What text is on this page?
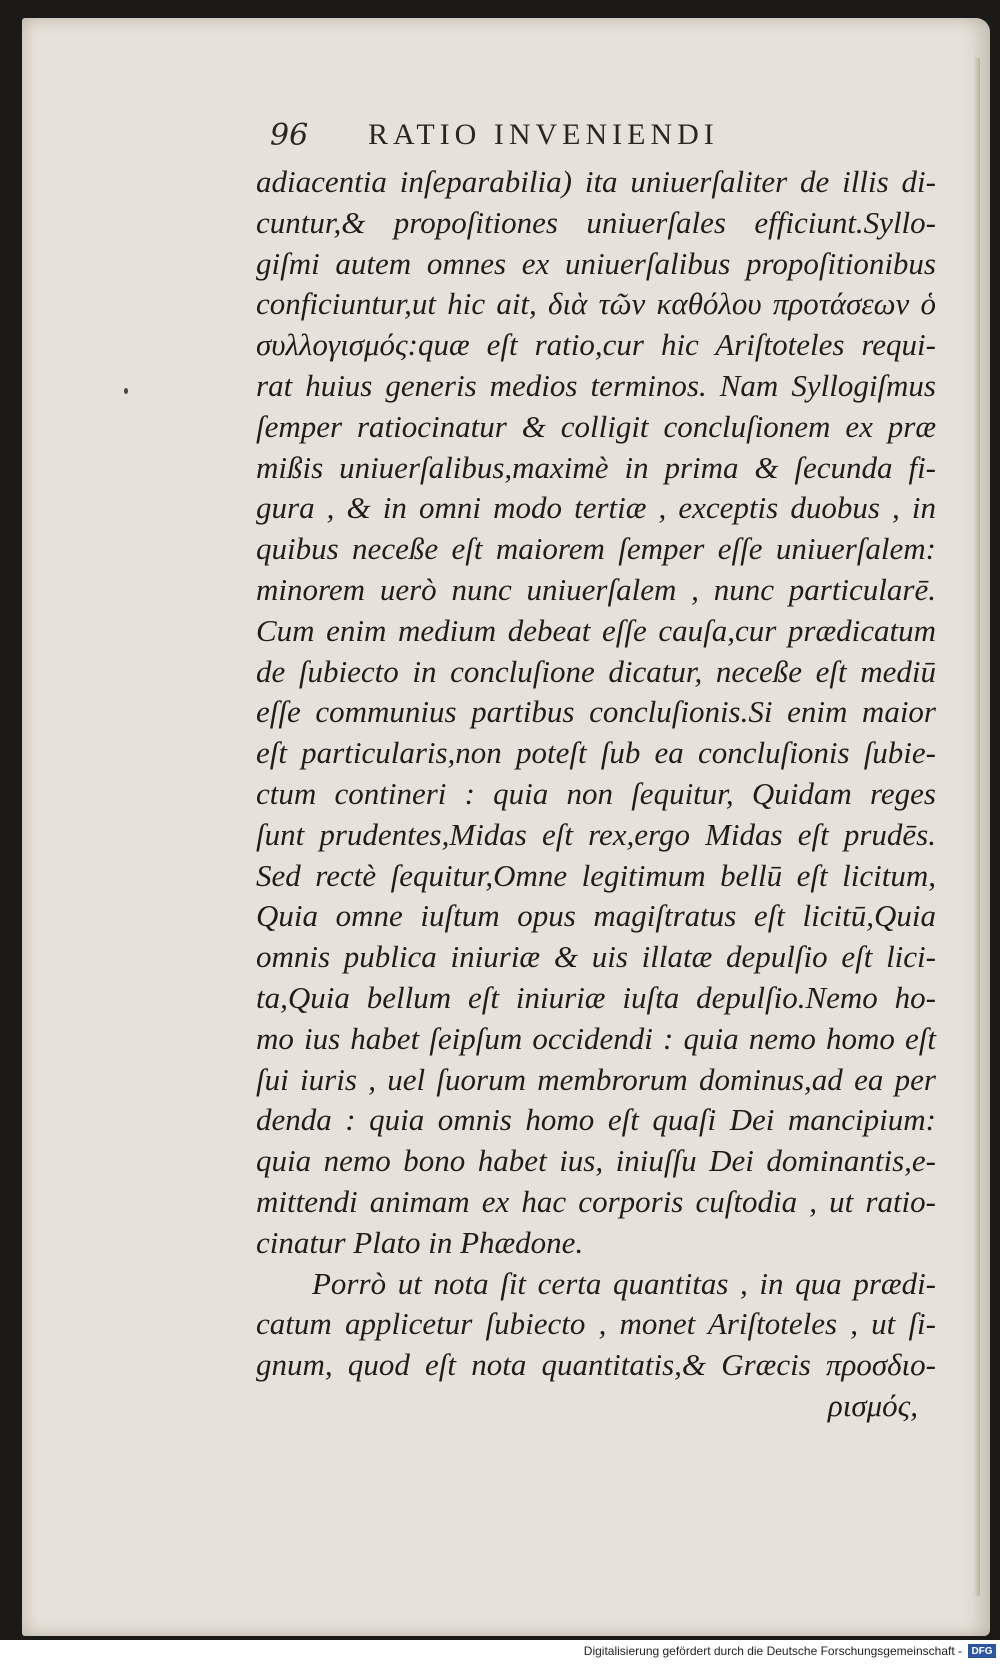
96 RATIO INVENIENDI
adiacentia inſeparabilia) ita uniuerſaliter de illis di-
cuntur,& propoſitiones uniuerſales efficiunt.Syllo-
giſmi autem omnes ex uniuerſalibus propoſitionibus
conficiuntur,ut hic ait, διὰ τῶν καθόλου προτάσεων ὁ
συλλογισμός:quæ eſt ratio,cur hic Ariſtoteles requi-
rat huius generis medios terminos. Nam Syllogiſmus
ſemper ratiocinatur & colligit concluſionem ex præ
mißis uniuerſalibus,maximè in prima & ſecunda fi-
gura , & in omni modo tertiæ , exceptis duobus , in
quibus neceße eſt maiorem ſemper eſſe uniuerſalem:
minorem uerò nunc uniuerſalem , nunc particularē.
Cum enim medium debeat eſſe cauſa,cur prædicatum
de ſubiecto in concluſione dicatur, neceße eſt mediū
eſſe communius partibus concluſionis.Si enim maior
eſt particularis,non poteſt ſub ea concluſionis ſubie-
ctum contineri : quia non ſequitur, Quidam reges
ſunt prudentes,Midas eſt rex,ergo Midas eſt prudēs.
Sed rectè ſequitur,Omne legitimum bellū eſt licitum,
Quia omne iuſtum opus magiſtratus eſt licitū,Quia
omnis publica iniuriæ & uis illatæ depulſio eſt lici-
ta,Quia bellum eſt iniuriæ iuſta depulſio.Nemo ho-
mo ius habet ſeipſum occidendi : quia nemo homo eſt
ſui iuris , uel ſuorum membrorum dominus,ad ea per
denda : quia omnis homo eſt quaſi Dei mancipium:
quia nemo bono habet ius, iniuſſu Dei dominantis,e-
mittendi animam ex hac corporis cuſtodia , ut ratio-
cinatur Plato in Phædone.
Porrò ut nota ſit certa quantitas , in qua prædi-
catum applicetur ſubiecto , monet Ariſtoteles , ut ſi-
gnum, quod eſt nota quantitatis,& Græcis προσδιο-
ρισμός,
Digitalisierung gefördert durch die Deutsche Forschungsgemeinschaft - DFG
